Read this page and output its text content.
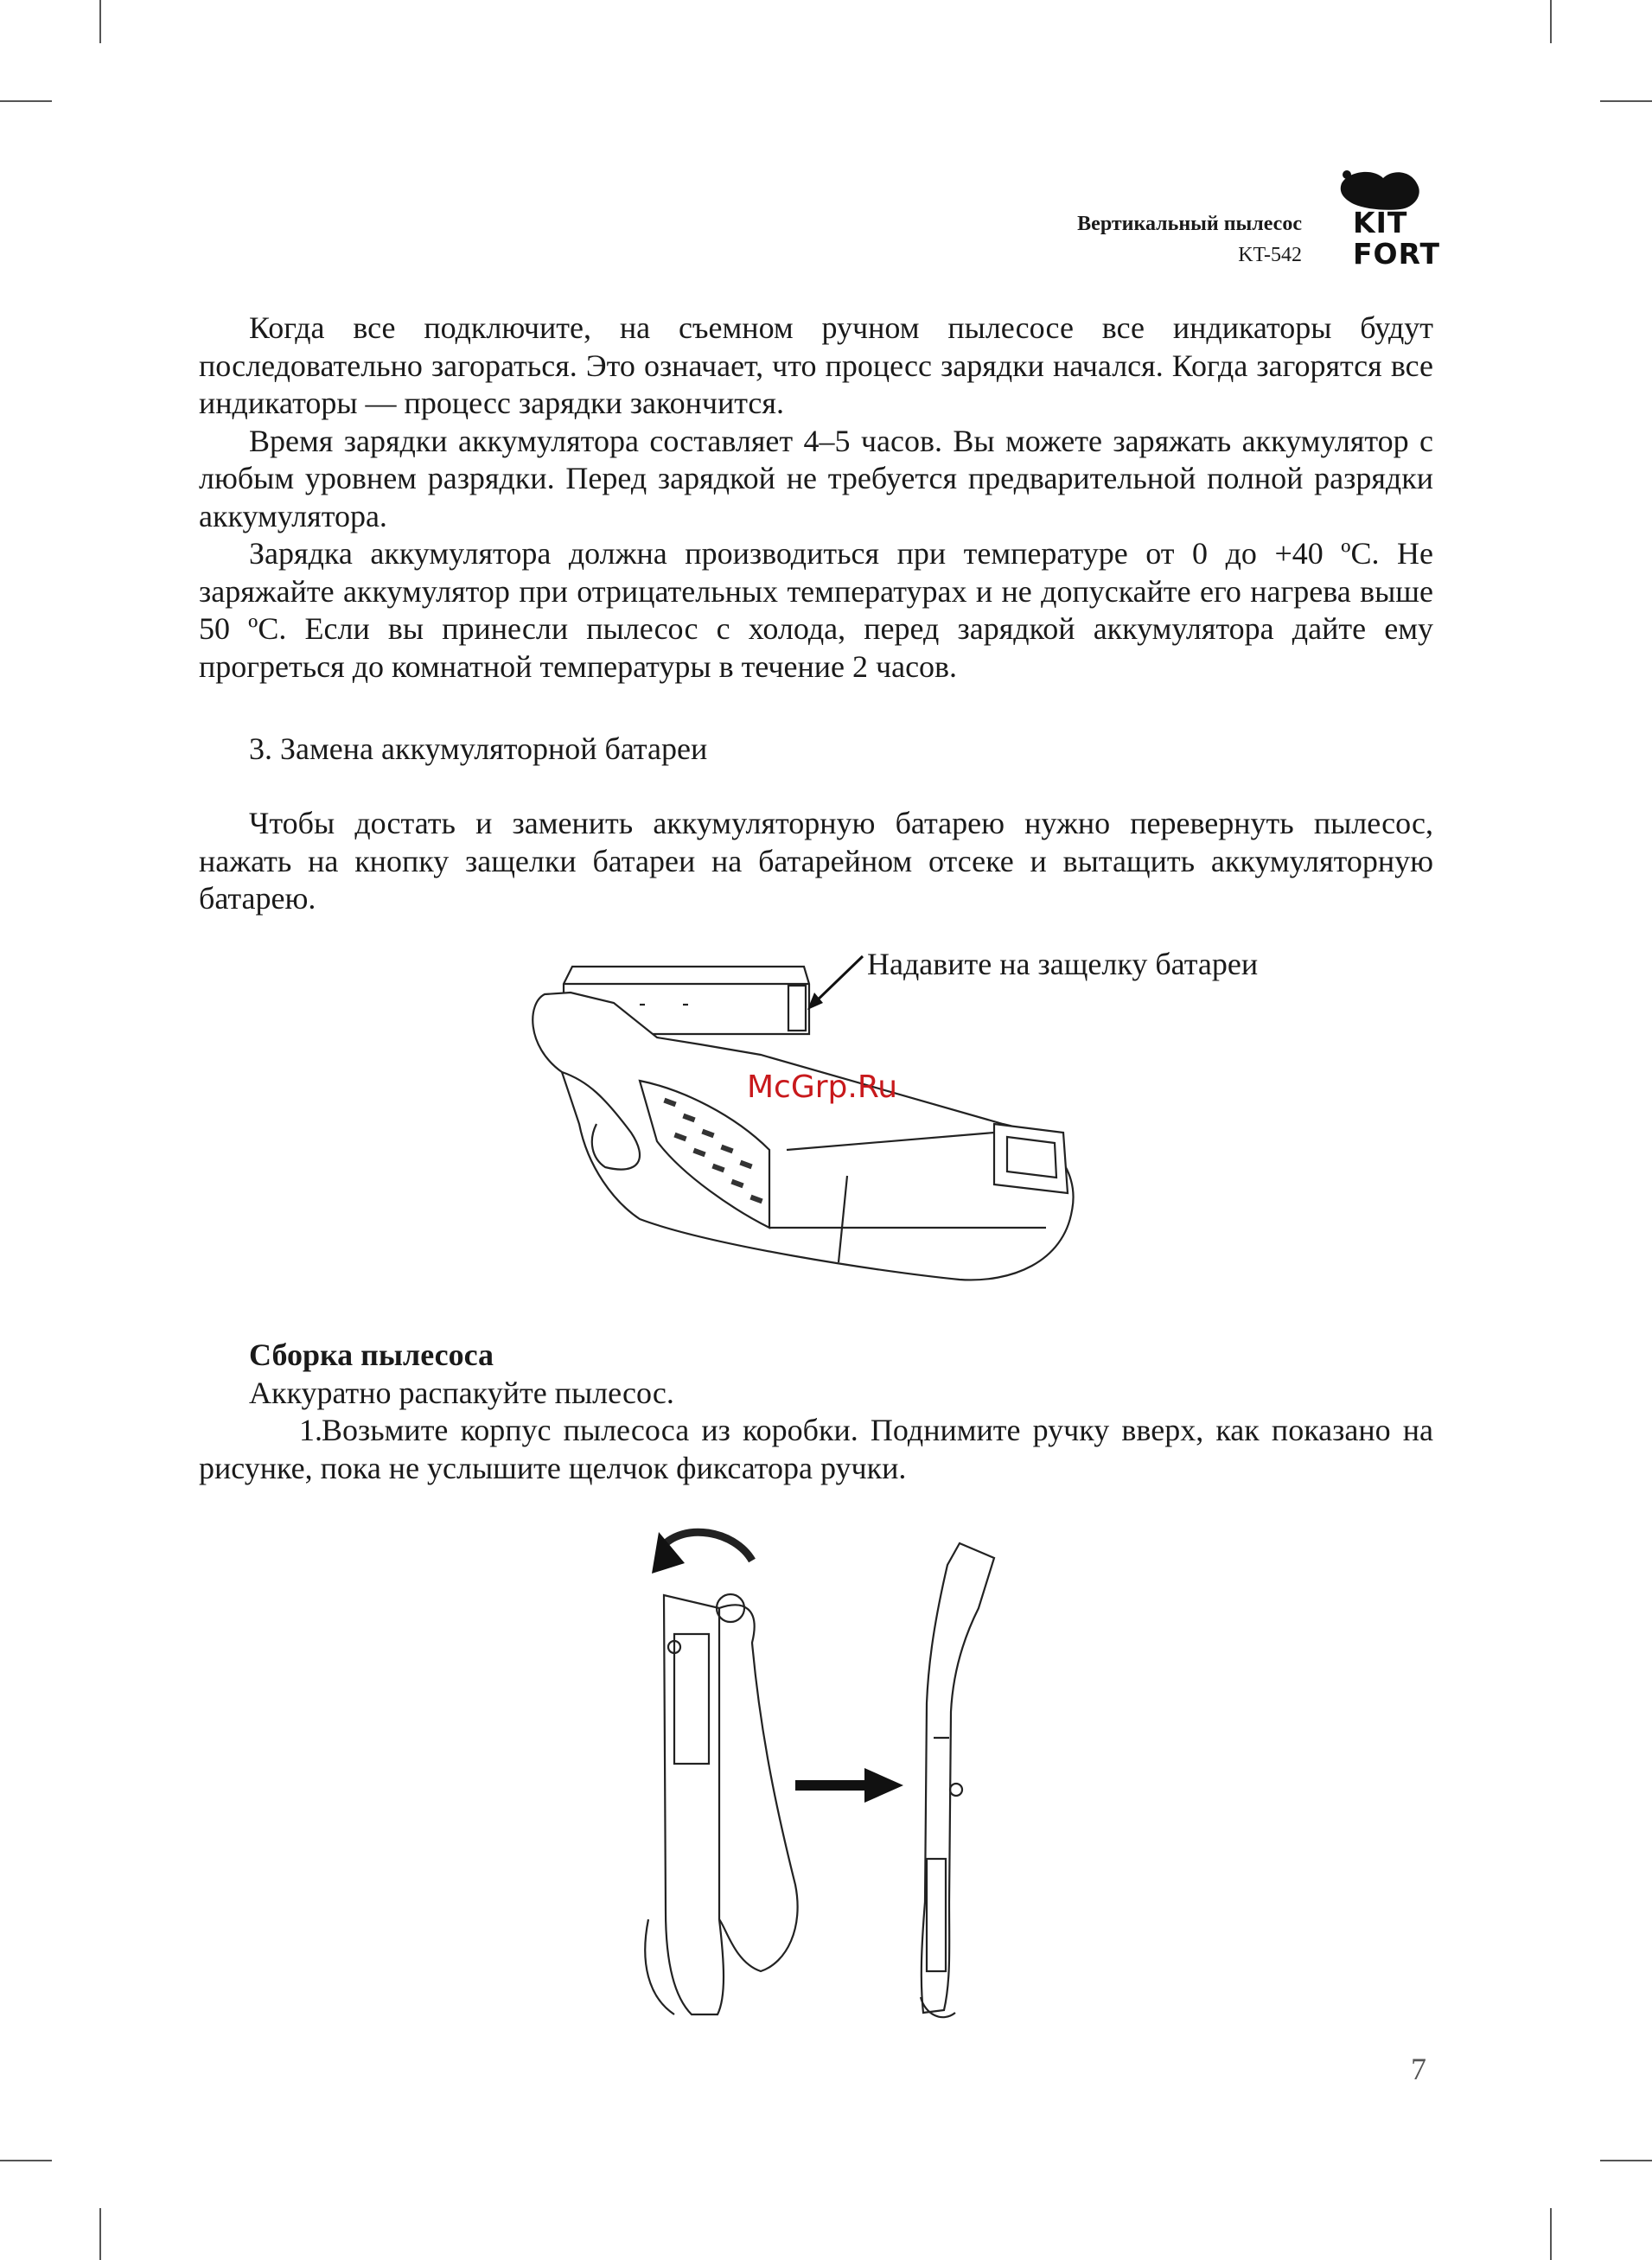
Вертикальный пылесос
KT-542
KIT
FORT

Когда все подключите, на съемном ручном пылесосе все индикаторы будут последовательно загораться. Это означает, что процесс зарядки начался. Когда загорятся все индикаторы — процесс зарядки закончится.

Время зарядки аккумулятора составляет 4–5 часов. Вы можете заряжать аккумулятор с любым уровнем разрядки. Перед зарядкой не требуется предварительной полной разрядки аккумулятора.

Зарядка аккумулятора должна производиться при температуре от 0 до +40 ºС. Не заряжайте аккумулятор при отрицательных температурах и не допускайте его нагрева выше 50 ºС. Если вы принесли пылесос с холода, перед зарядкой аккумулятора дайте ему прогреться до комнатной температуры в течение 2 часов.

3. Замена аккумуляторной батареи

Чтобы достать и заменить аккумуляторную батарею нужно перевернуть пылесос, нажать на кнопку защелки батареи на батарейном отсеке и вытащить аккумуляторную батарею.

Надавите на защелку батареи
McGrp.Ru

Сборка пылесоса

Аккуратно распакуйте пылесос.

1.Возьмите корпус пылесоса из коробки. Поднимите ручку вверх, как показано на рисунке, пока не услышите щелчок фиксатора ручки.

7
